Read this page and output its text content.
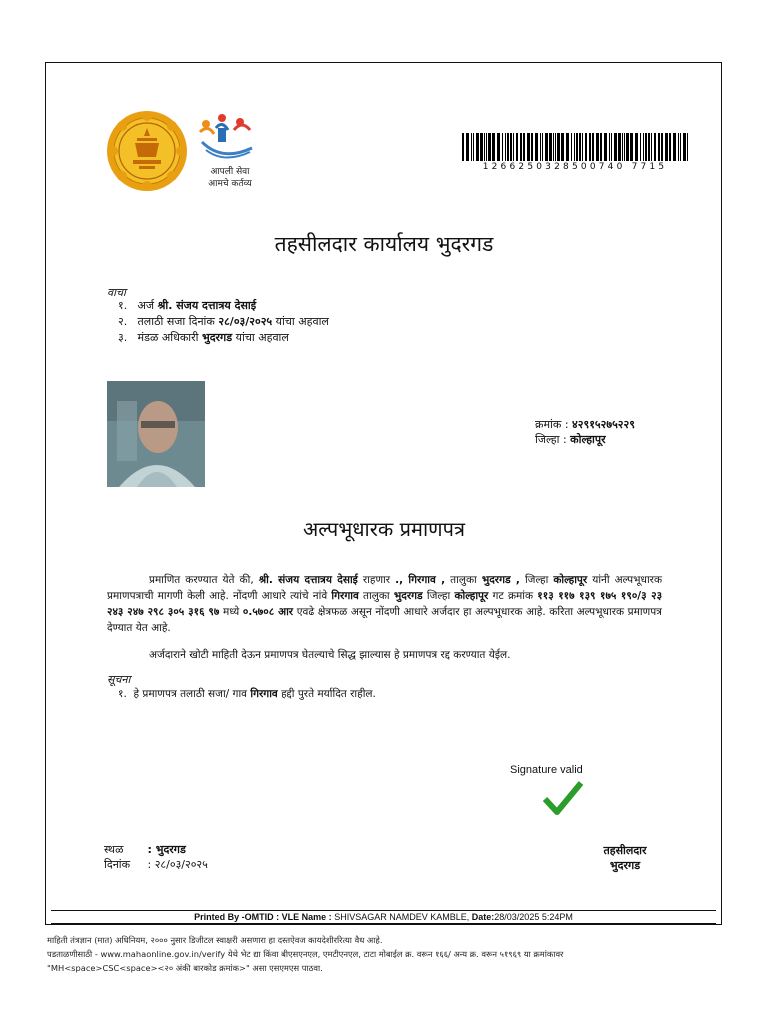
आपली सेवा
आमचे कर्तव्य
1266250328500740 7715
तहसीलदार कार्यालय भुदरगड
वाचा
१. अर्ज श्री. संजय दत्तात्रय देसाई
२. तलाठी सजा दिनांक २८/०३/२०२५ यांचा अहवाल
३. मंडळ अधिकारी भुदरगड यांचा अहवाल
क्रमांक : ४२९१५२७५२२९
जिल्हा : कोल्हापूर
अल्पभूधारक प्रमाणपत्र
प्रमाणित करण्यात येते की, श्री. संजय दत्तात्रय देसाई राहणार ., गिरगाव , तालुका भुदरगड , जिल्हा कोल्हापूर यांनी अल्पभूधारक प्रमाणपत्राची मागणी केली आहे. नोंदणी आधारे त्यांचे नांवे गिरगाव तालुका भुदरगड जिल्हा कोल्हापूर गट क्रमांक ११३ ११७ १३९ १७५ १९०/३ २३ २४३ २४७ २९८ ३०५ ३१६ ९७ मध्ये ०.५७०८ आर एवढे क्षेत्रफळ असून नोंदणी आधारे अर्जदार हा अल्पभूधारक आहे. करिता अल्पभूधारक प्रमाणपत्र देण्यात येत आहे.
अर्जदाराने खोटी माहिती देऊन प्रमाणपत्र घेतल्याचे सिद्ध झाल्यास हे प्रमाणपत्र रद्द करण्यात येईल.
सूचना
१. हे प्रमाणपत्र तलाठी सजा/ गाव गिरगाव हद्दी पुरते मर्यादित राहील.
Signature valid
स्थळ : भुदरगड
दिनांक : २८/०३/२०२५
तहसीलदार
भुदरगड
Printed By -OMTID : VLE Name : SHIVSAGAR NAMDEV KAMBLE, Date:28/03/2025 5:24PM
माहिती तंत्रज्ञान (मात) अधिनियम, २००० नुसार डिजीटल स्वाक्षरी असणारा हा दस्तऐवज कायदेशीररित्या वैध आहे.
पडताळणीसाठी - www.mahaonline.gov.in/verify येथे भेट द्या किंवा बीएसएनएल, एमटीएनएल, टाटा मोबाईल क्र. वरून १६६/ अन्य क्र. वरून ५१९६९ या क्रमांकावर
"MH<space>CSC<space><२० अंकी बारकोड क्रमांक>" असा एसएमएस पाठवा.
